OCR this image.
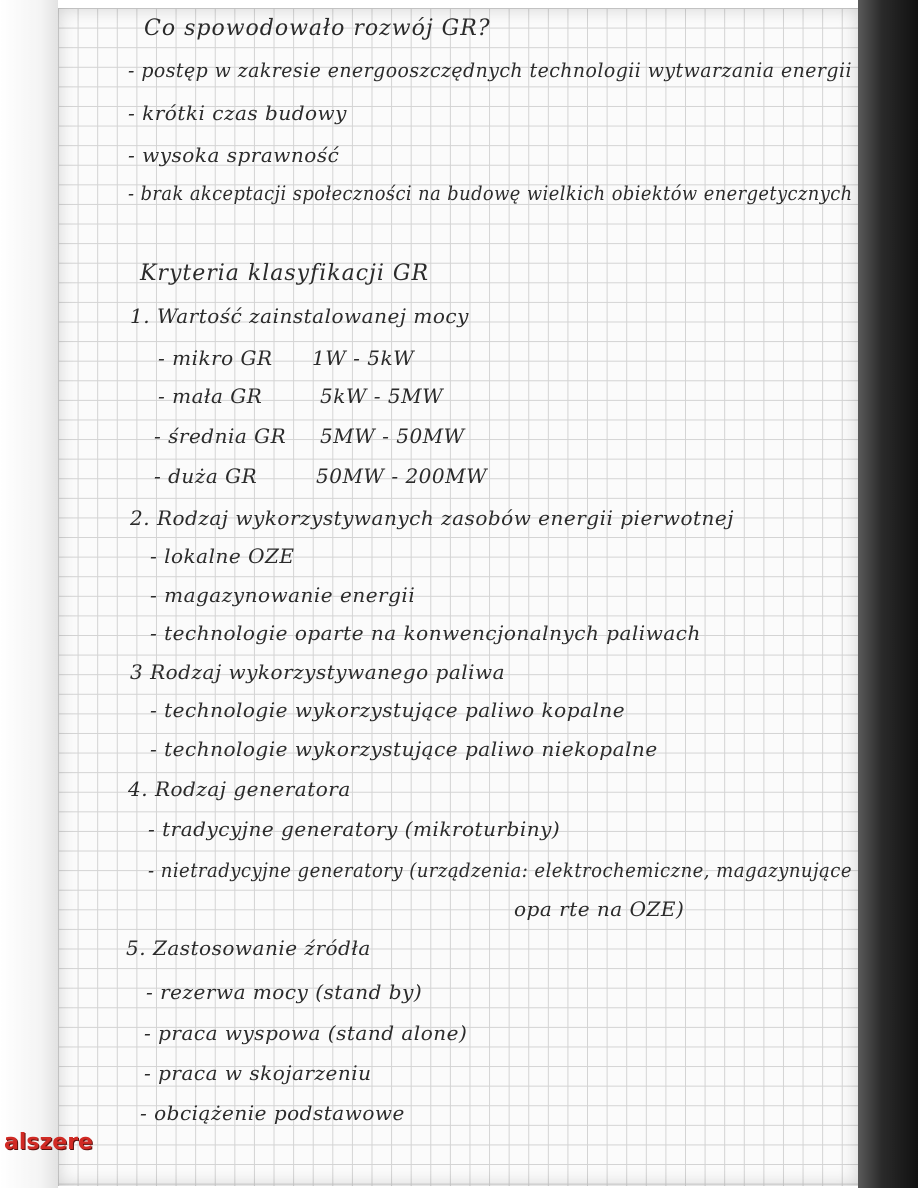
Co spowodowało rozwój GR?
- postęp w zakresie energooszczędnych technologii wytwarzania energii
- krótki czas budowy
- wysoka sprawność
- brak akceptacji społeczności na budowę wielkich obiektów energetycznych
Kryteria klasyfikacji GR
1. Wartość zainstalowanej mocy
- mikro GR 1W - 5kW
- mała GR	5kW - 5MW
- średnia GR 5MW - 50MW
- duża GR	50MW - 200MW
2. Rodzaj wykorzystywanych zasobów energii pierwotnej
- lokalne OZE
- magazynowanie energii
- technologie oparte na konwencjonalnych paliwach
3 Rodzaj wykorzystywanego paliwa
- technologie wykorzystujące paliwo kopalne
- technologie wykorzystujące paliwo niekopalne
4. Rodzaj generatora
- tradycyjne generatory (mikroturbiny)
- nietradycyjne generatory (urządzenia: elektrochemiczne, magazynujące
opa rte na OZE)
5. Zastosowanie źródła
- rezerwa mocy (stand by)
- praca wyspowa (stand alone)
- praca w skojarzeniu
- obciążenie podstawowe
alszere
